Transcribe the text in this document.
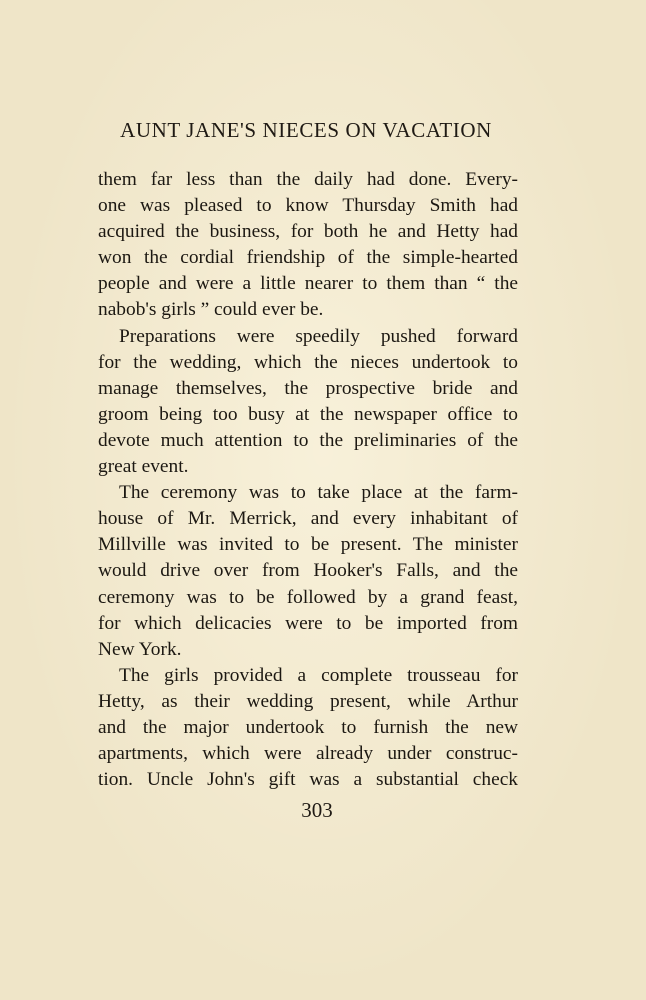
AUNT JANE'S NIECES ON VACATION
them far less than the daily had done. Every-
one was pleased to know Thursday Smith had
acquired the business, for both he and Hetty had
won the cordial friendship of the simple-hearted
people and were a little nearer to them than “ the
nabob's girls ” could ever be.
Preparations were speedily pushed forward
for the wedding, which the nieces undertook to
manage themselves, the prospective bride and
groom being too busy at the newspaper office to
devote much attention to the preliminaries of the
great event.
The ceremony was to take place at the farm-
house of Mr. Merrick, and every inhabitant of
Millville was invited to be present. The minister
would drive over from Hooker's Falls, and the
ceremony was to be followed by a grand feast,
for which delicacies were to be imported from
New York.
The girls provided a complete trousseau for
Hetty, as their wedding present, while Arthur
and the major undertook to furnish the new
apartments, which were already under construc-
tion. Uncle John's gift was a substantial check
303
